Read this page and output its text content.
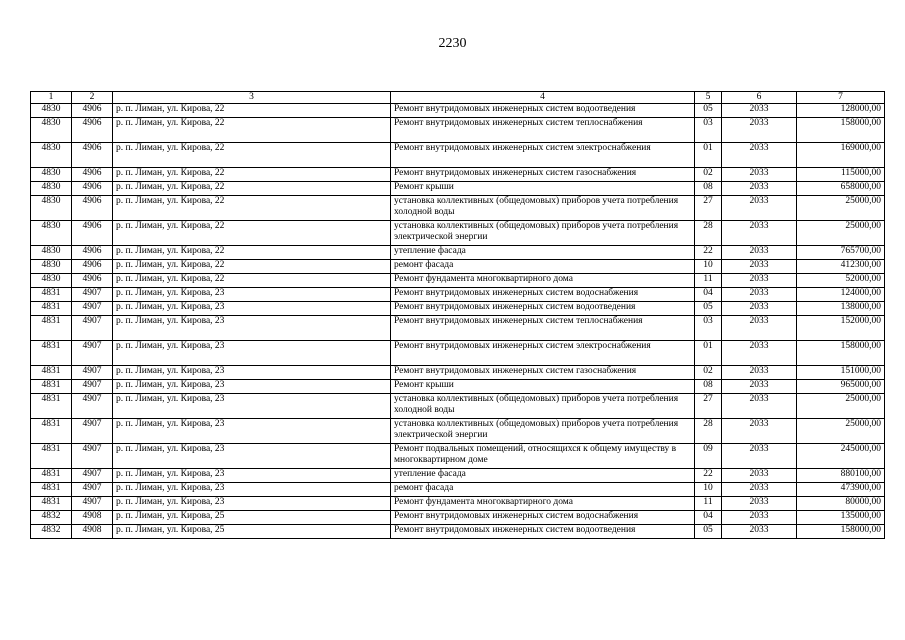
2230
1	2	3	4	5	6	7
4830	4906	р. п. Лиман, ул. Кирова, 22	Ремонт внутридомовых инженерных систем водоотведения	05	2033	128000,00
4830	4906	р. п. Лиман, ул. Кирова, 22	Ремонт внутридомовых инженерных систем теплоснабжения	03	2033	158000,00
4830	4906	р. п. Лиман, ул. Кирова, 22	Ремонт внутридомовых инженерных систем электроснабжения	01	2033	169000,00
4830	4906	р. п. Лиман, ул. Кирова, 22	Ремонт внутридомовых инженерных систем газоснабжения	02	2033	115000,00
4830	4906	р. п. Лиман, ул. Кирова, 22	Ремонт крыши	08	2033	658000,00
4830	4906	р. п. Лиман, ул. Кирова, 22	установка коллективных (общедомовых) приборов учета потребления холодной воды	27	2033	25000,00
4830	4906	р. п. Лиман, ул. Кирова, 22	установка коллективных (общедомовых) приборов учета потребления электрической энергии	28	2033	25000,00
4830	4906	р. п. Лиман, ул. Кирова, 22	утепление фасада	22	2033	765700,00
4830	4906	р. п. Лиман, ул. Кирова, 22	ремонт фасада	10	2033	412300,00
4830	4906	р. п. Лиман, ул. Кирова, 22	Ремонт фундамента многоквартирного дома	11	2033	52000,00
4831	4907	р. п. Лиман, ул. Кирова, 23	Ремонт внутридомовых инженерных систем водоснабжения	04	2033	124000,00
4831	4907	р. п. Лиман, ул. Кирова, 23	Ремонт внутридомовых инженерных систем водоотведения	05	2033	138000,00
4831	4907	р. п. Лиман, ул. Кирова, 23	Ремонт внутридомовых инженерных систем теплоснабжения	03	2033	152000,00
4831	4907	р. п. Лиман, ул. Кирова, 23	Ремонт внутридомовых инженерных систем электроснабжения	01	2033	158000,00
4831	4907	р. п. Лиман, ул. Кирова, 23	Ремонт внутридомовых инженерных систем газоснабжения	02	2033	151000,00
4831	4907	р. п. Лиман, ул. Кирова, 23	Ремонт крыши	08	2033	965000,00
4831	4907	р. п. Лиман, ул. Кирова, 23	установка коллективных (общедомовых) приборов учета потребления холодной воды	27	2033	25000,00
4831	4907	р. п. Лиман, ул. Кирова, 23	установка коллективных (общедомовых) приборов учета потребления электрической энергии	28	2033	25000,00
4831	4907	р. п. Лиман, ул. Кирова, 23	Ремонт подвальных помещений, относящихся к общему имуществу в многоквартирном доме	09	2033	245000,00
4831	4907	р. п. Лиман, ул. Кирова, 23	утепление фасада	22	2033	880100,00
4831	4907	р. п. Лиман, ул. Кирова, 23	ремонт фасада	10	2033	473900,00
4831	4907	р. п. Лиман, ул. Кирова, 23	Ремонт фундамента многоквартирного дома	11	2033	80000,00
4832	4908	р. п. Лиман, ул. Кирова, 25	Ремонт внутридомовых инженерных систем водоснабжения	04	2033	135000,00
4832	4908	р. п. Лиман, ул. Кирова, 25	Ремонт внутридомовых инженерных систем водоотведения	05	2033	158000,00
